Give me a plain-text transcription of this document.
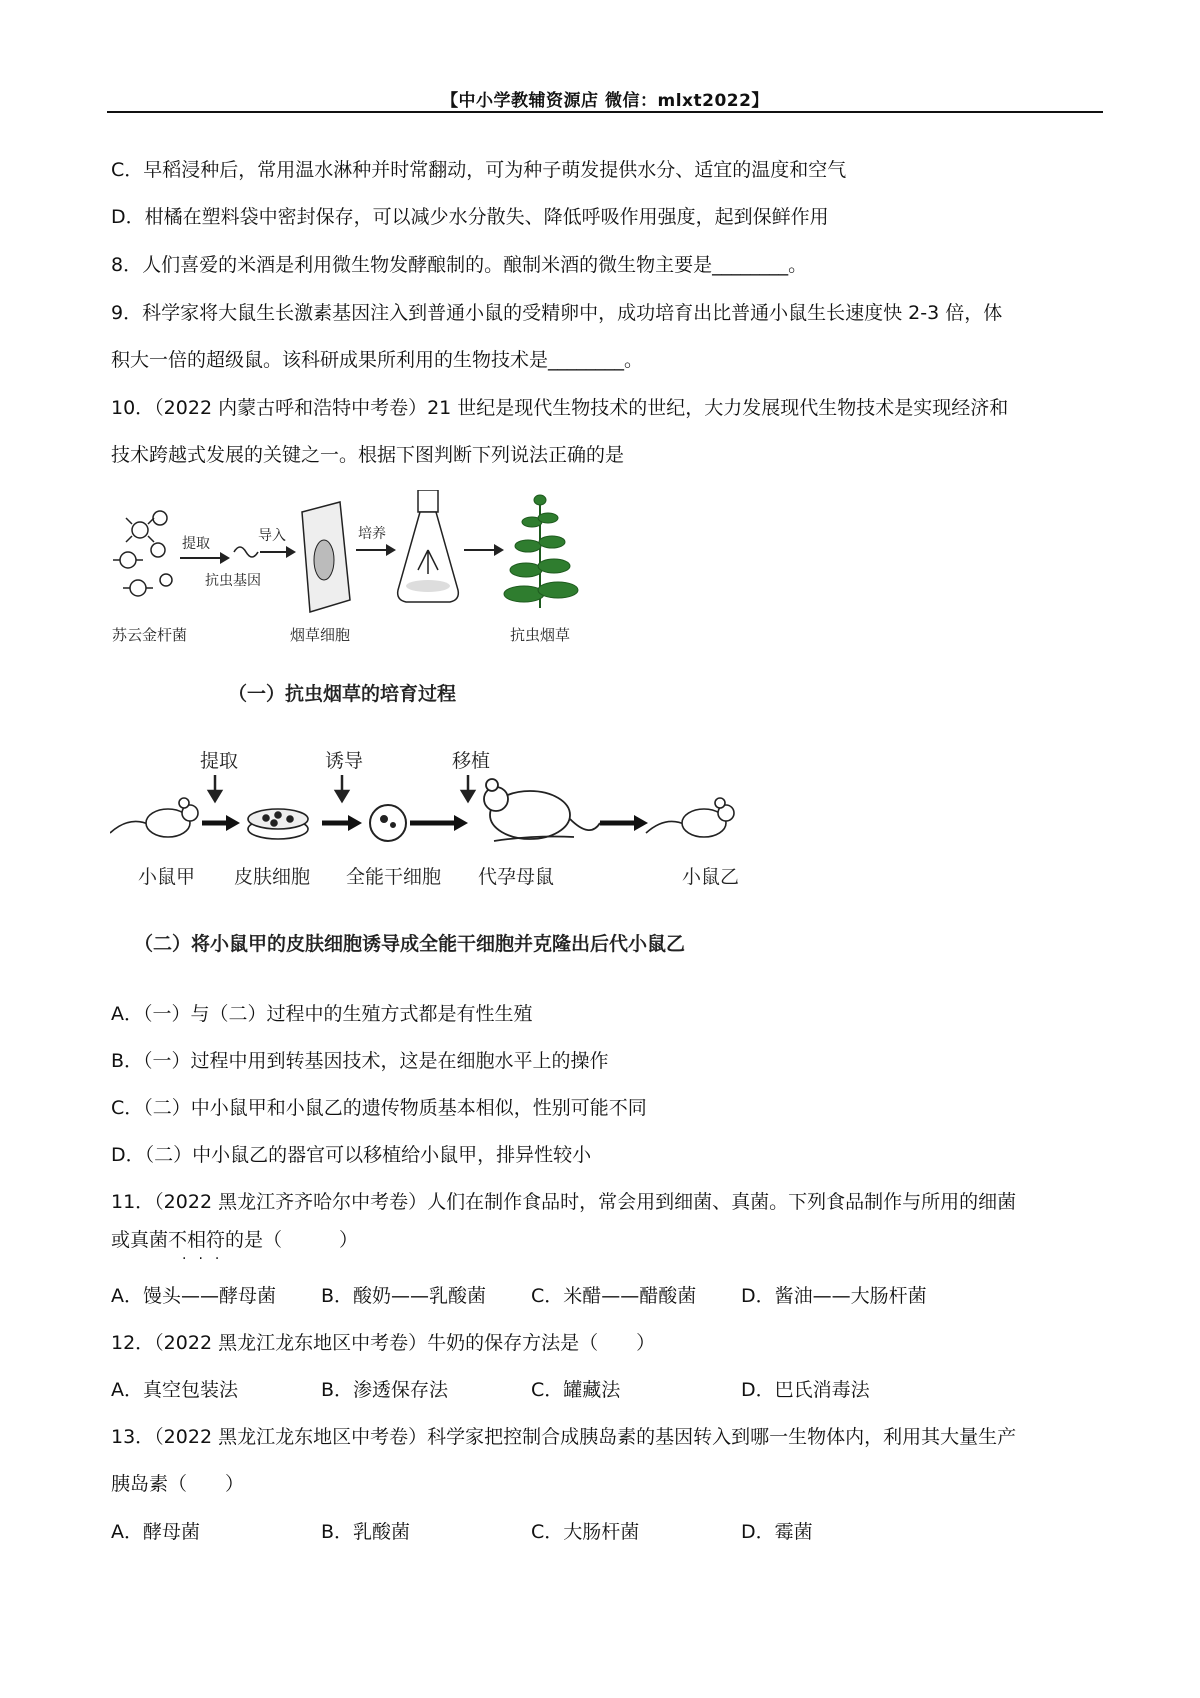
【中小学教辅资源店 微信：mlxt2022】
C．早稻浸种后，常用温水淋种并时常翻动，可为种子萌发提供水分、适宜的温度和空气
D．柑橘在塑料袋中密封保存，可以减少水分散失、降低呼吸作用强度，起到保鲜作用
8．人们喜爱的米酒是利用微生物发酵酿制的。酿制米酒的微生物主要是________。
9．科学家将大鼠生长激素基因注入到普通小鼠的受精卵中，成功培育出比普通小鼠生长速度快 2-3 倍，体
积大一倍的超级鼠。该科研成果所利用的生物技术是________。
10．（2022 内蒙古呼和浩特中考卷）21 世纪是现代生物技术的世纪，大力发展现代生物技术是实现经济和
技术跨越式发展的关键之一。根据下图判断下列说法正确的是
苏云金杆菌
提取
抗虫基因
导入
烟草细胞
培养
抗虫烟草
（一）抗虫烟草的培育过程
提取	诱导	移植
小鼠甲 皮肤细胞 全能干细胞 代孕母鼠	小鼠乙
（二）将小鼠甲的皮肤细胞诱导成全能干细胞并克隆出后代小鼠乙
A．（一）与（二）过程中的生殖方式都是有性生殖
B．（一）过程中用到转基因技术，这是在细胞水平上的操作
C．（二）中小鼠甲和小鼠乙的遗传物质基本相似，性别可能不同
D．（二）中小鼠乙的器官可以移植给小鼠甲，排异性较小
11．（2022 黑龙江齐齐哈尔中考卷）人们在制作食品时，常会用到细菌、真菌。下列食品制作与所用的细菌
或真菌不相符的是（　　　）
···
A．馒头——酵母菌 B．酸奶——乳酸菌 C．米醋——醋酸菌 D．酱油——大肠杆菌
12．（2022 黑龙江龙东地区中考卷）牛奶的保存方法是（　　）
A．真空包装法	B．渗透保存法	C．罐藏法	D．巴氏消毒法
13．（2022 黑龙江龙东地区中考卷）科学家把控制合成胰岛素的基因转入到哪一生物体内，利用其大量生产
胰岛素（　　）
A．酵母菌	B．乳酸菌	C．大肠杆菌	D．霉菌
